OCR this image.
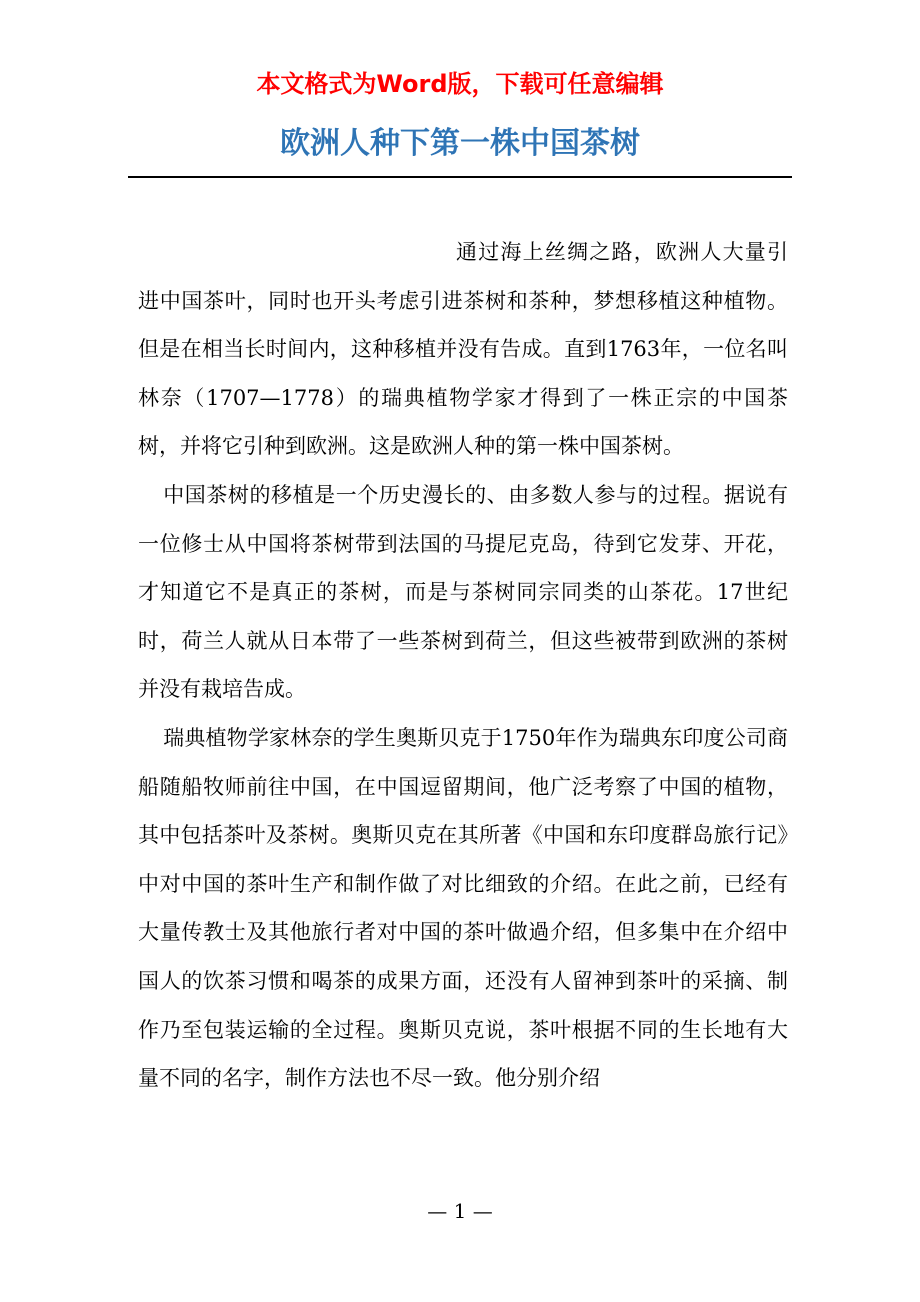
本文格式为Word版，下载可任意编辑
欧洲人种下第一株中国茶树

通过海上丝绸之路，欧洲人大量引进中国茶叶，同时也开头考虑引进茶树和茶种，梦想移植这种植物。但是在相当长时间内，这种移植并没有告成。直到1763年，一位名叫林奈（1707—1778）的瑞典植物学家才得到了一株正宗的中国茶树，并将它引种到欧洲。这是欧洲人种的第一株中国茶树。

中国茶树的移植是一个历史漫长的、由多数人参与的过程。据说有一位修士从中国将茶树带到法国的马提尼克岛，待到它发芽、开花，才知道它不是真正的茶树，而是与茶树同宗同类的山茶花。17世纪时，荷兰人就从日本带了一些茶树到荷兰，但这些被带到欧洲的茶树并没有栽培告成。

瑞典植物学家林奈的学生奥斯贝克于1750年作为瑞典东印度公司商船随船牧师前往中国，在中国逗留期间，他广泛考察了中国的植物，其中包括茶叶及茶树。奥斯贝克在其所著《中国和东印度群岛旅行记》中对中国的茶叶生产和制作做了对比细致的介绍。在此之前，已经有大量传教士及其他旅行者对中国的茶叶做過介绍，但多集中在介绍中国人的饮茶习惯和喝茶的成果方面，还没有人留神到茶叶的采摘、制作乃至包装运输的全过程。奥斯贝克说，茶叶根据不同的生长地有大量不同的名字，制作方法也不尽一致。他分别介绍

— 1 —
